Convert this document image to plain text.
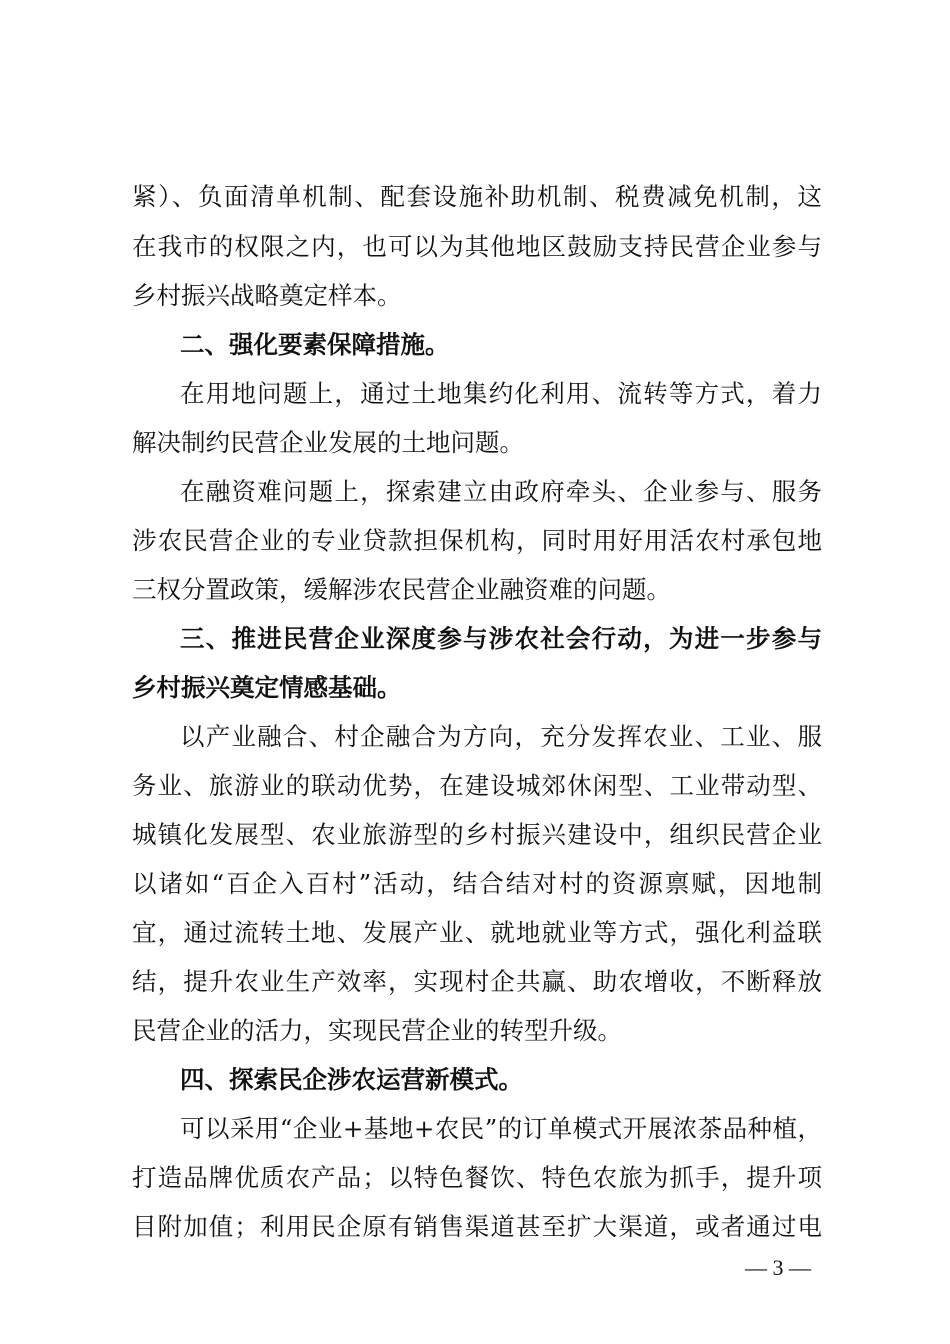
紧）、负面清单机制、配套设施补助机制、税费减免机制，这
在我市的权限之内，也可以为其他地区鼓励支持民营企业参与
乡村振兴战略奠定样本。
二、强化要素保障措施。
在用地问题上，通过土地集约化利用、流转等方式，着力
解决制约民营企业发展的土地问题。
在融资难问题上，探索建立由政府牵头、企业参与、服务
涉农民营企业的专业贷款担保机构，同时用好用活农村承包地
三权分置政策，缓解涉农民营企业融资难的问题。
三、推进民营企业深度参与涉农社会行动，为进一步参与
乡村振兴奠定情感基础。
以产业融合、村企融合为方向，充分发挥农业、工业、服
务业、旅游业的联动优势，在建设城郊休闲型、工业带动型、
城镇化发展型、农业旅游型的乡村振兴建设中，组织民营企业
以诸如“百企入百村”活动，结合结对村的资源禀赋，因地制
宜，通过流转土地、发展产业、就地就业等方式，强化利益联
结，提升农业生产效率，实现村企共赢、助农增收，不断释放
民营企业的活力，实现民营企业的转型升级。
四、探索民企涉农运营新模式。
可以采用“企业+基地+农民”的订单模式开展浓茶品种植，
打造品牌优质农产品；以特色餐饮、特色农旅为抓手，提升项
目附加值；利用民企原有销售渠道甚至扩大渠道，或者通过电
— 3 —
